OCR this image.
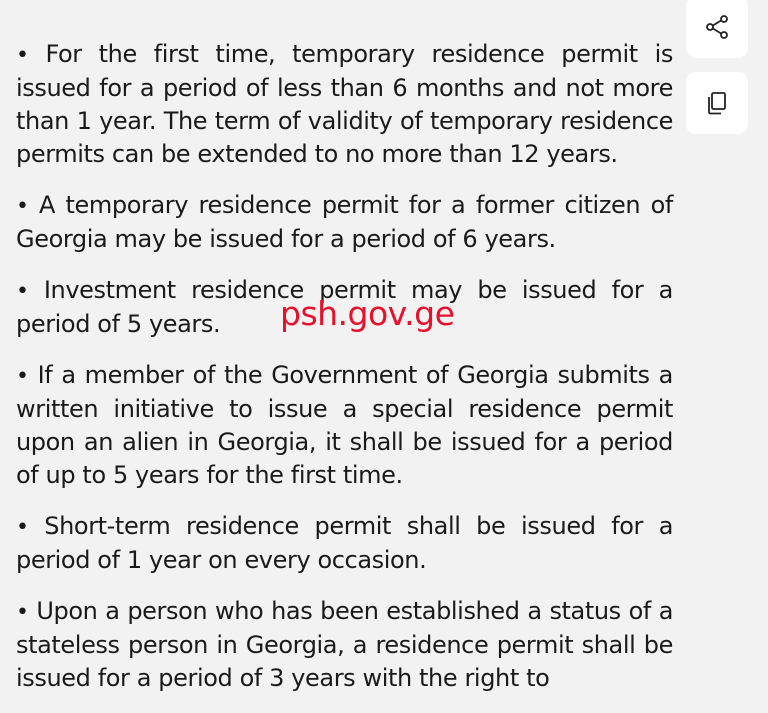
• For the first time, temporary residence permit is issued for a period of less than 6 months and not more than 1 year. The term of validity of temporary residence permits can be extended to no more than 12 years.

• A temporary residence permit for a former citizen of Georgia may be issued for a period of 6 years.

• Investment residence permit may be issued for a period of 5 years.

• If a member of the Government of Georgia submits a written initiative to issue a special residence permit upon an alien in Georgia, it shall be issued for a period of up to 5 years for the first time.

• Short-term residence permit shall be issued for a period of 1 year on every occasion.

• Upon a person who has been established a status of a stateless person in Georgia, a residence permit shall be issued for a period of 3 years with the right to

psh.gov.ge
